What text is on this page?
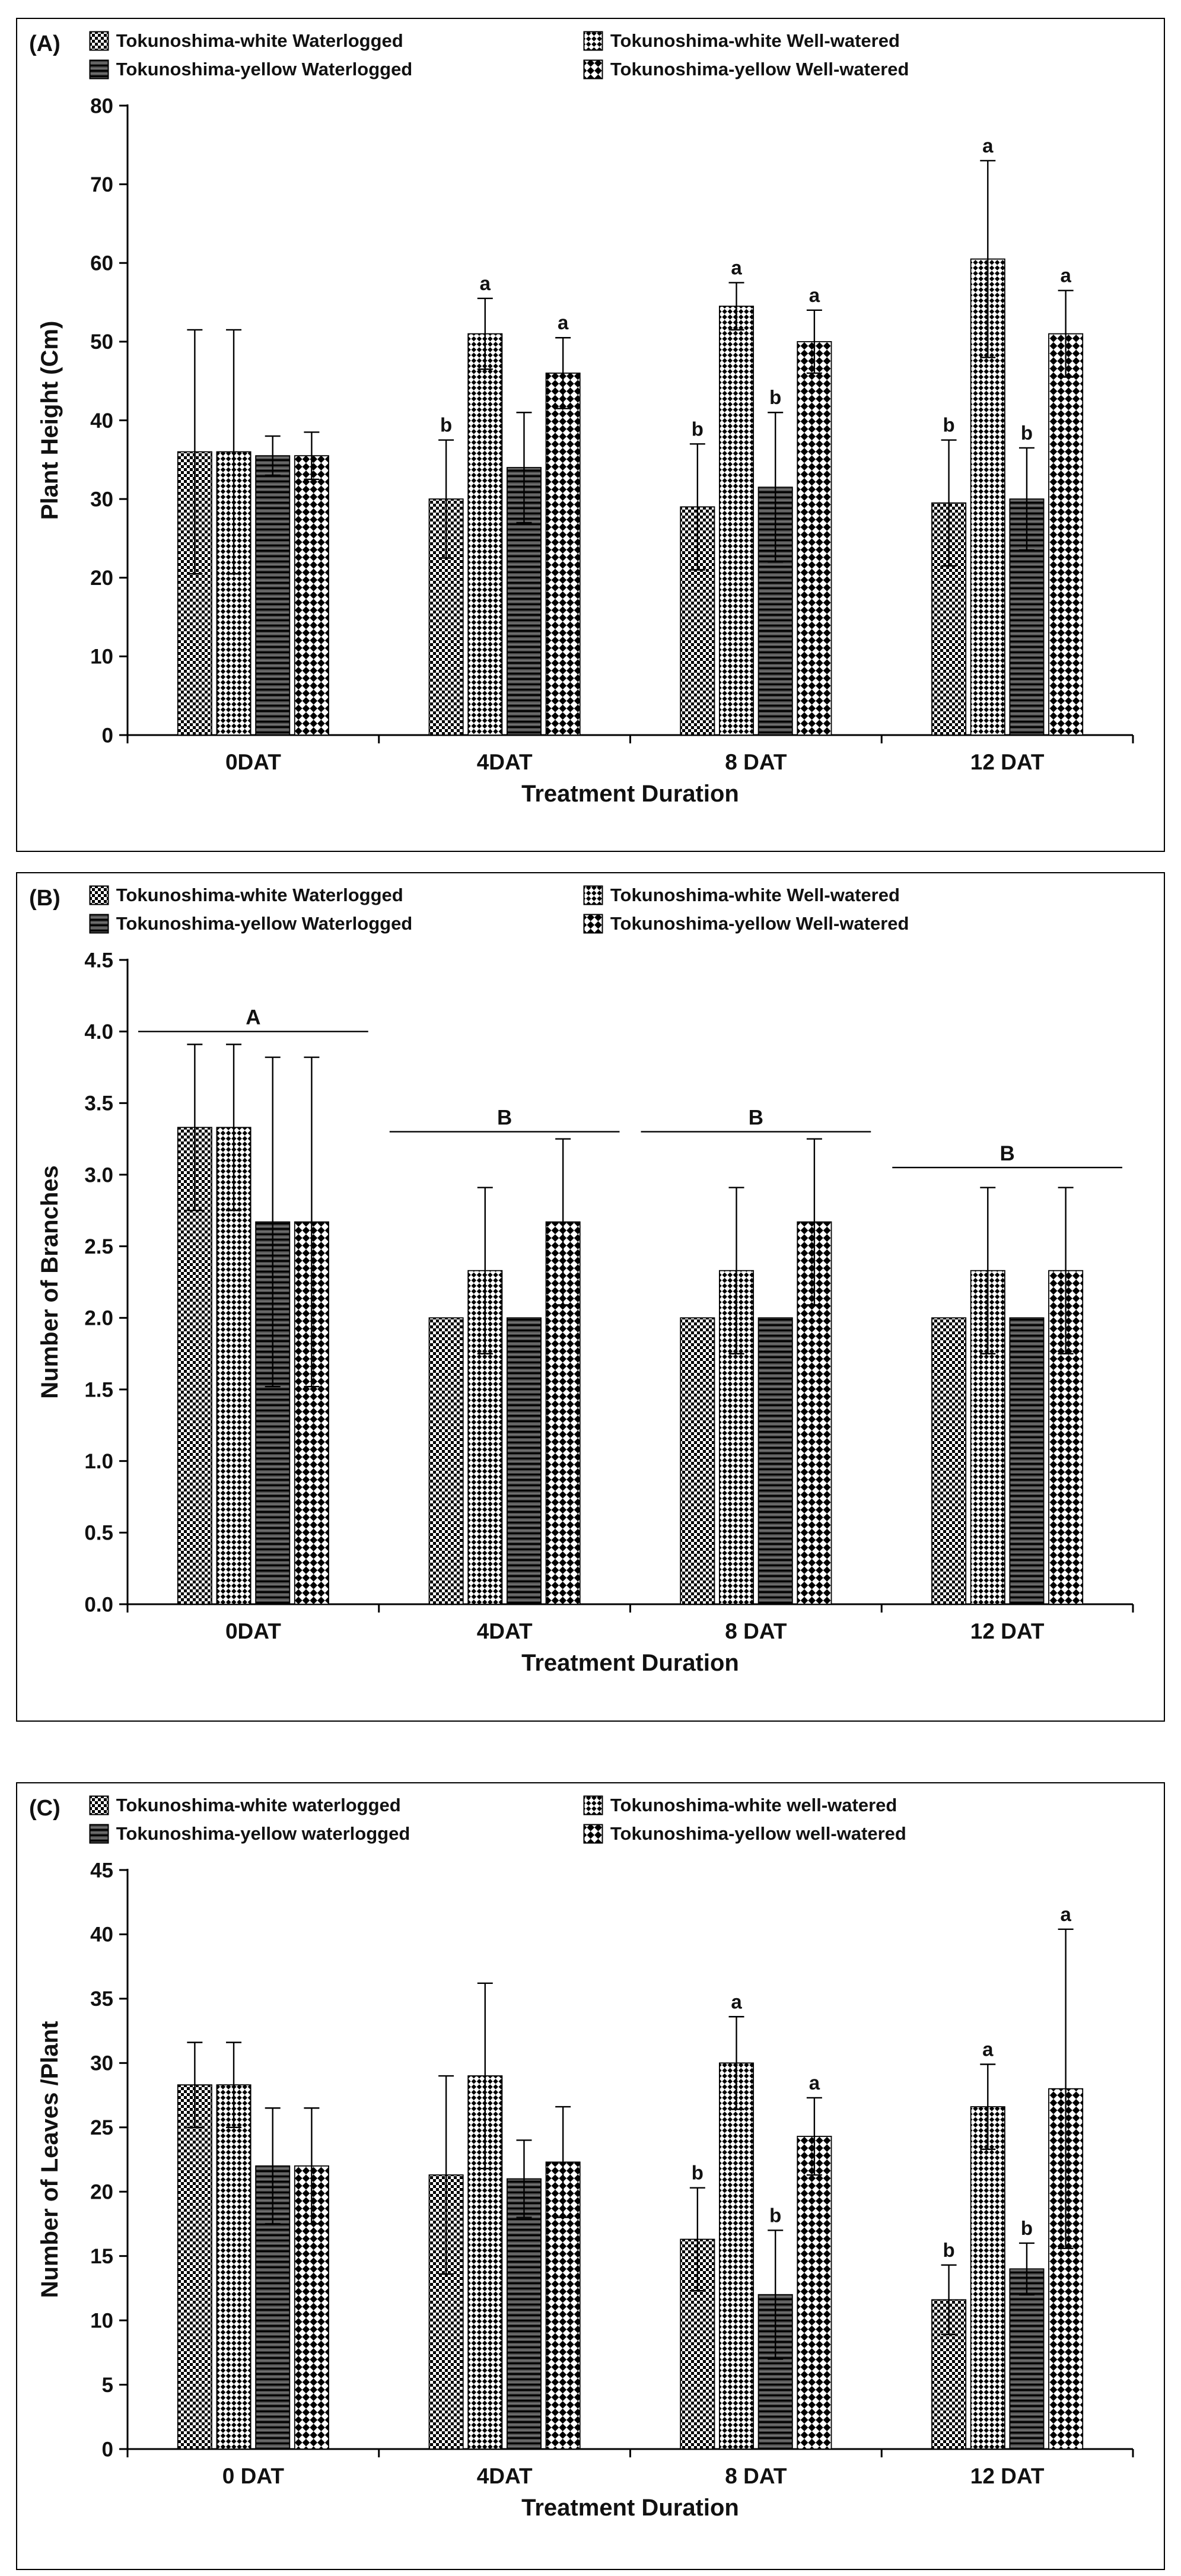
(A)	Tokunoshima-white Waterlogged	Tokunoshima-white Well-watered
Tokunoshima-yellow Waterlogged	Tokunoshima-yellow Well-watered
0
10
20
30
40
50
60
70
80
0DAT	4DAT	8 DAT	12 DAT
b	b	b
a
a
a
b
b
a
a
a
Plant Height (Cm)
Treatment Duration
(B)	Tokunoshima-white Waterlogged	Tokunoshima-white Well-watered
Tokunoshima-yellow Waterlogged	Tokunoshima-yellow Well-watered
0.0
0.5
1.0
1.5
2.0
2.5
3.0
3.5
4.0
4.5
0DAT	4DAT	8 DAT	12 DAT
A
B	B
B
Number of Branches
Treatment Duration
(C)	Tokunoshima-white waterlogged	Tokunoshima-white well-watered
Tokunoshima-yellow waterlogged	Tokunoshima-yellow well-watered
0
5
10
15
20
25
30
35
40
45
0 DAT	4DAT	8 DAT	12 DAT
b
b
a
a
b
b
a
a
Number of Leaves /Plant
Treatment Duration
